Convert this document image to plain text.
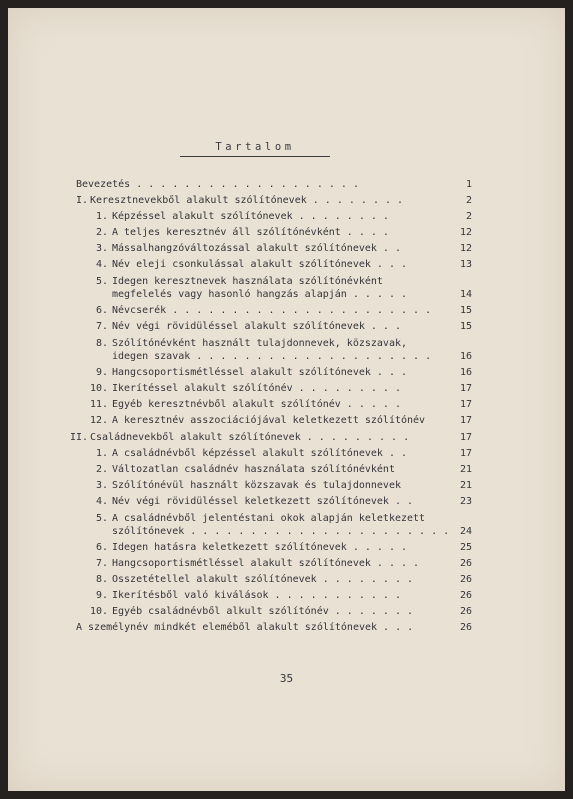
Tartalom
Bevezetés . . . . . . . . . . . . . . . . . . .	1
I. Keresztnevekből alakult szólítónevek . . . . . . . .	2
1. Képzéssel alakult szólítónevek . . . . . . . .	2
2. A teljes keresztnév áll szólítónévként . . . .	12
3. Mássalhangzóváltozással alakult szólítónevek . .	12
4. Név eleji csonkulással alakult szólítónevek . . .	13
5. Idegen keresztnevek használata szólítónévként
megfelelés vagy hasonló hangzás alapján . . . . .	14
6. Névcserék . . . . . . . . . . . . . . . . . . . . . .	15
7. Név végi rövidüléssel alakult szólítónevek . . .	15
8. Szólítónévként használt tulajdonnevek, közszavak,
idegen szavak . . . . . . . . . . . . . . . . . . . .	16
9. Hangcsoportismétléssel alakult szólítónevek . . .	16
10. Ikerítéssel alakult szólítónév . . . . . . . . .	17
11. Egyéb keresztnévből alakult szólítónév . . . . .	17
12. A keresztnév asszociációjával keletkezett szólítónév	17
II. Családnevekből alakult szólítónevek . . . . . . . . .	17
1. A családnévből képzéssel alakult szólítónevek . .	17
2. Változatlan családnév használata szólítónévként	21
3. Szólítónévül használt közszavak és tulajdonnevek	21
4. Név végi rövidüléssel keletkezett szólítónevek . .	23
5. A családnévből jelentéstani okok alapján keletkezett
szólítónevek . . . . . . . . . . . . . . . . . . . . . . 24
6. Idegen hatásra keletkezett szólítónevek . . . . .	25
7. Hangcsoportismétléssel alakult szólítónevek . . . .	26
8. Összetétellel alakult szólítónevek . . . . . . . .	26
9. Ikerítésből való kiválások . . . . . . . . . . .	26
10. Egyéb családnévből alkult szólítónév . . . . . . .	26
A személynév mindkét eleméből alakult szólítónevek . . .	26
35
